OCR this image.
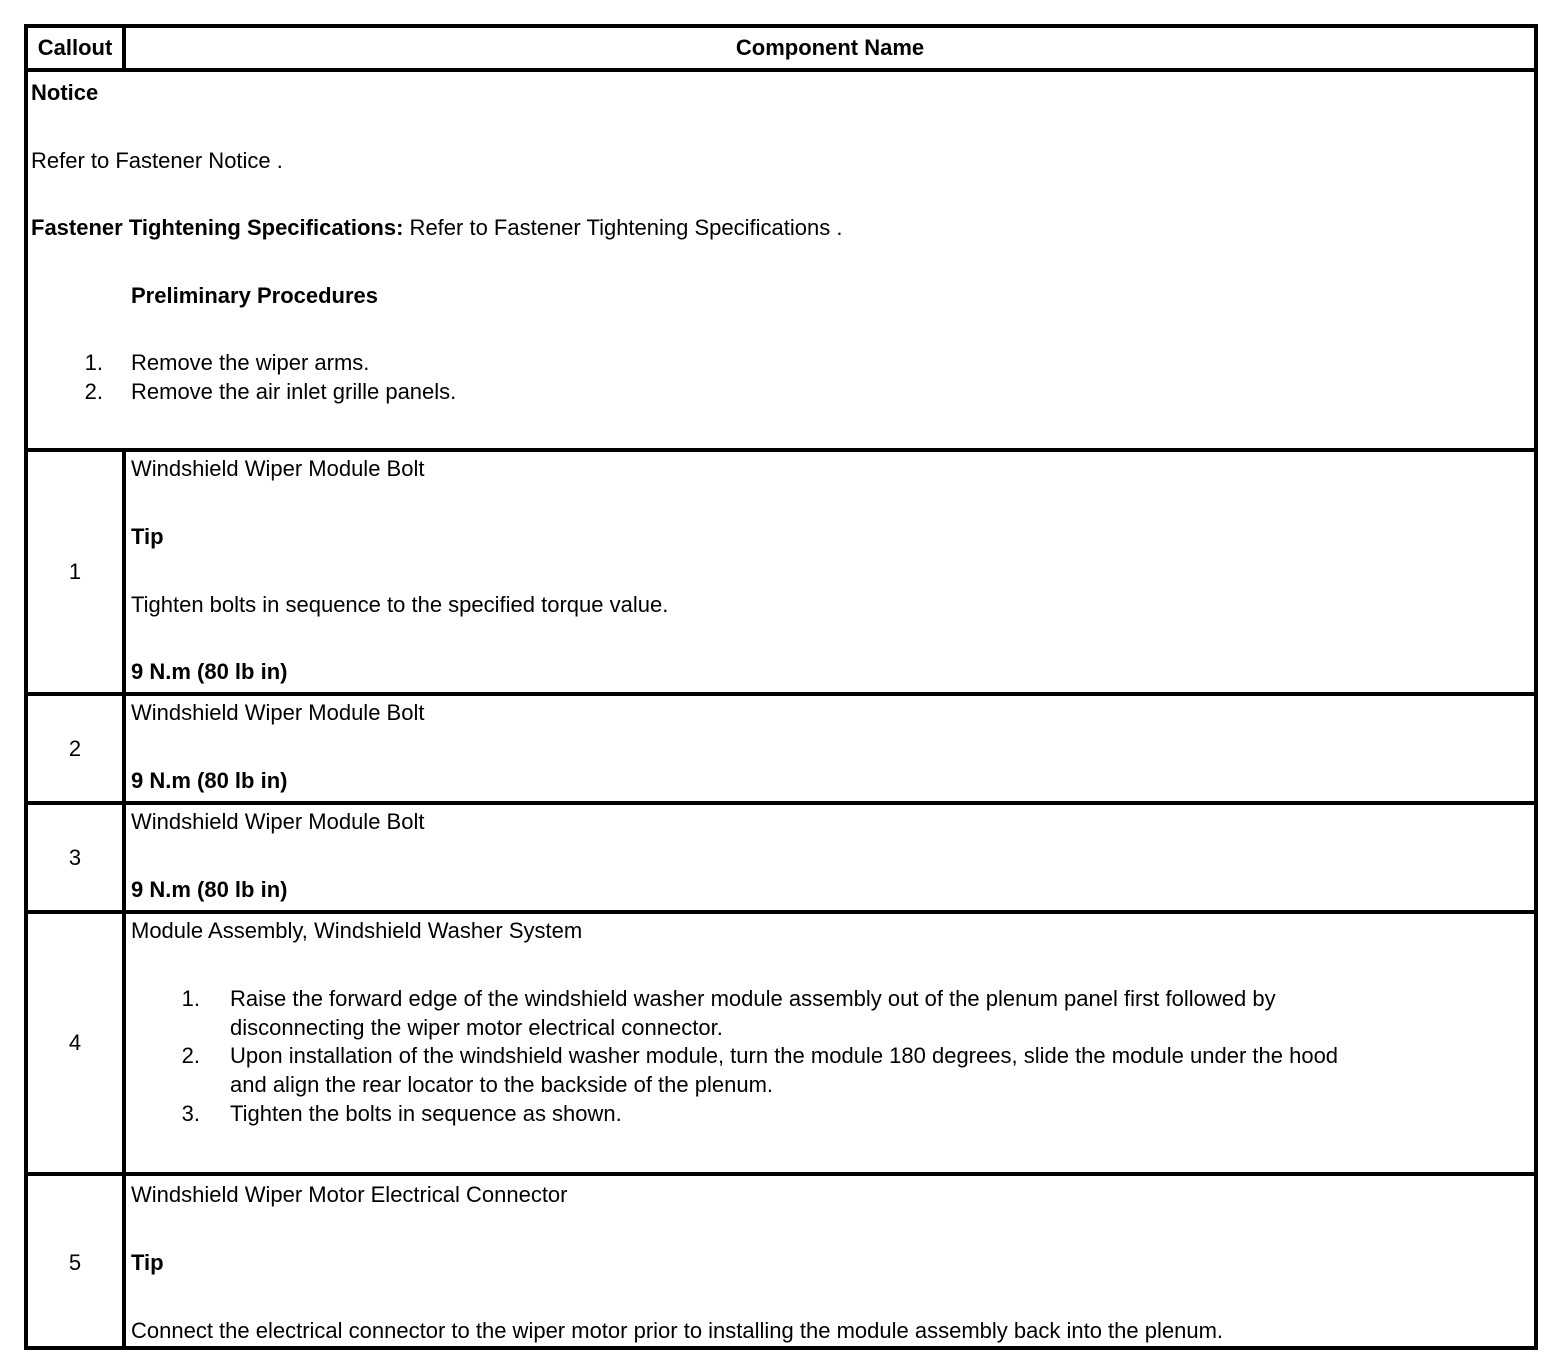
Callout	Component Name
Notice
Refer to Fastener Notice .
Fastener Tightening Specifications: Refer to Fastener Tightening Specifications .
Preliminary Procedures
1. Remove the wiper arms.
2. Remove the air inlet grille panels.
1
Windshield Wiper Module Bolt
Tip
Tighten bolts in sequence to the specified torque value.
9 N.m (80 lb in)
2
Windshield Wiper Module Bolt
9 N.m (80 lb in)
3
Windshield Wiper Module Bolt
9 N.m (80 lb in)
4
Module Assembly, Windshield Washer System
1. Raise the forward edge of the windshield washer module assembly out of the plenum panel first followed by
disconnecting the wiper motor electrical connector.
2. Upon installation of the windshield washer module, turn the module 180 degrees, slide the module under the hood
and align the rear locator to the backside of the plenum.
3. Tighten the bolts in sequence as shown.
5
Windshield Wiper Motor Electrical Connector
Tip
Connect the electrical connector to the wiper motor prior to installing the module assembly back into the plenum.
